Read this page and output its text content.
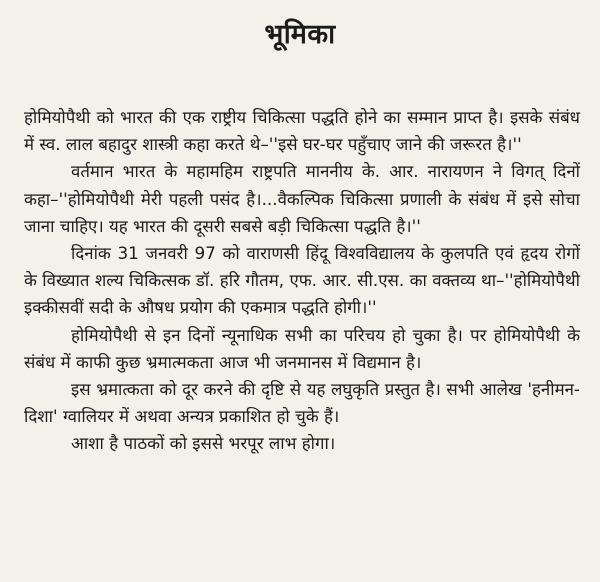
भूमिका

होमियोपैथी को भारत की एक राष्ट्रीय चिकित्सा पद्धति होने का सम्मान प्राप्त है। इसके संबंध में स्व. लाल बहादुर शास्त्री कहा करते थे–''इसे घर-घर पहुँचाए जाने की जरूरत है।''

वर्तमान भारत के महामहिम राष्ट्रपति माननीय के. आर. नारायणन ने विगत् दिनों कहा–''होमियोपैथी मेरी पहली पसंद है।...वैकल्पिक चिकित्सा प्रणाली के संबंध में इसे सोचा जाना चाहिए। यह भारत की दूसरी सबसे बड़ी चिकित्सा पद्धति है।''

दिनांक 31 जनवरी 97 को वाराणसी हिंदू विश्वविद्यालय के कुलपति एवं हृदय रोगों के विख्यात शल्य चिकित्सक डॉ. हरि गौतम, एफ. आर. सी.एस. का वक्तव्य था–''होमियोपैथी इक्कीसवीं सदी के औषध प्रयोग की एकमात्र पद्धति होगी।''

होमियोपैथी से इन दिनों न्यूनाधिक सभी का परिचय हो चुका है। पर होमियोपैथी के संबंध में काफी कुछ भ्रमात्मकता आज भी जनमानस में विद्यमान है।

इस भ्रमात्कता को दूर करने की दृष्टि से यह लघुकृति प्रस्तुत है। सभी आलेख 'हनीमन-दिशा' ग्वालियर में अथवा अन्यत्र प्रकाशित हो चुके हैं।

आशा है पाठकों को इससे भरपूर लाभ होगा।
